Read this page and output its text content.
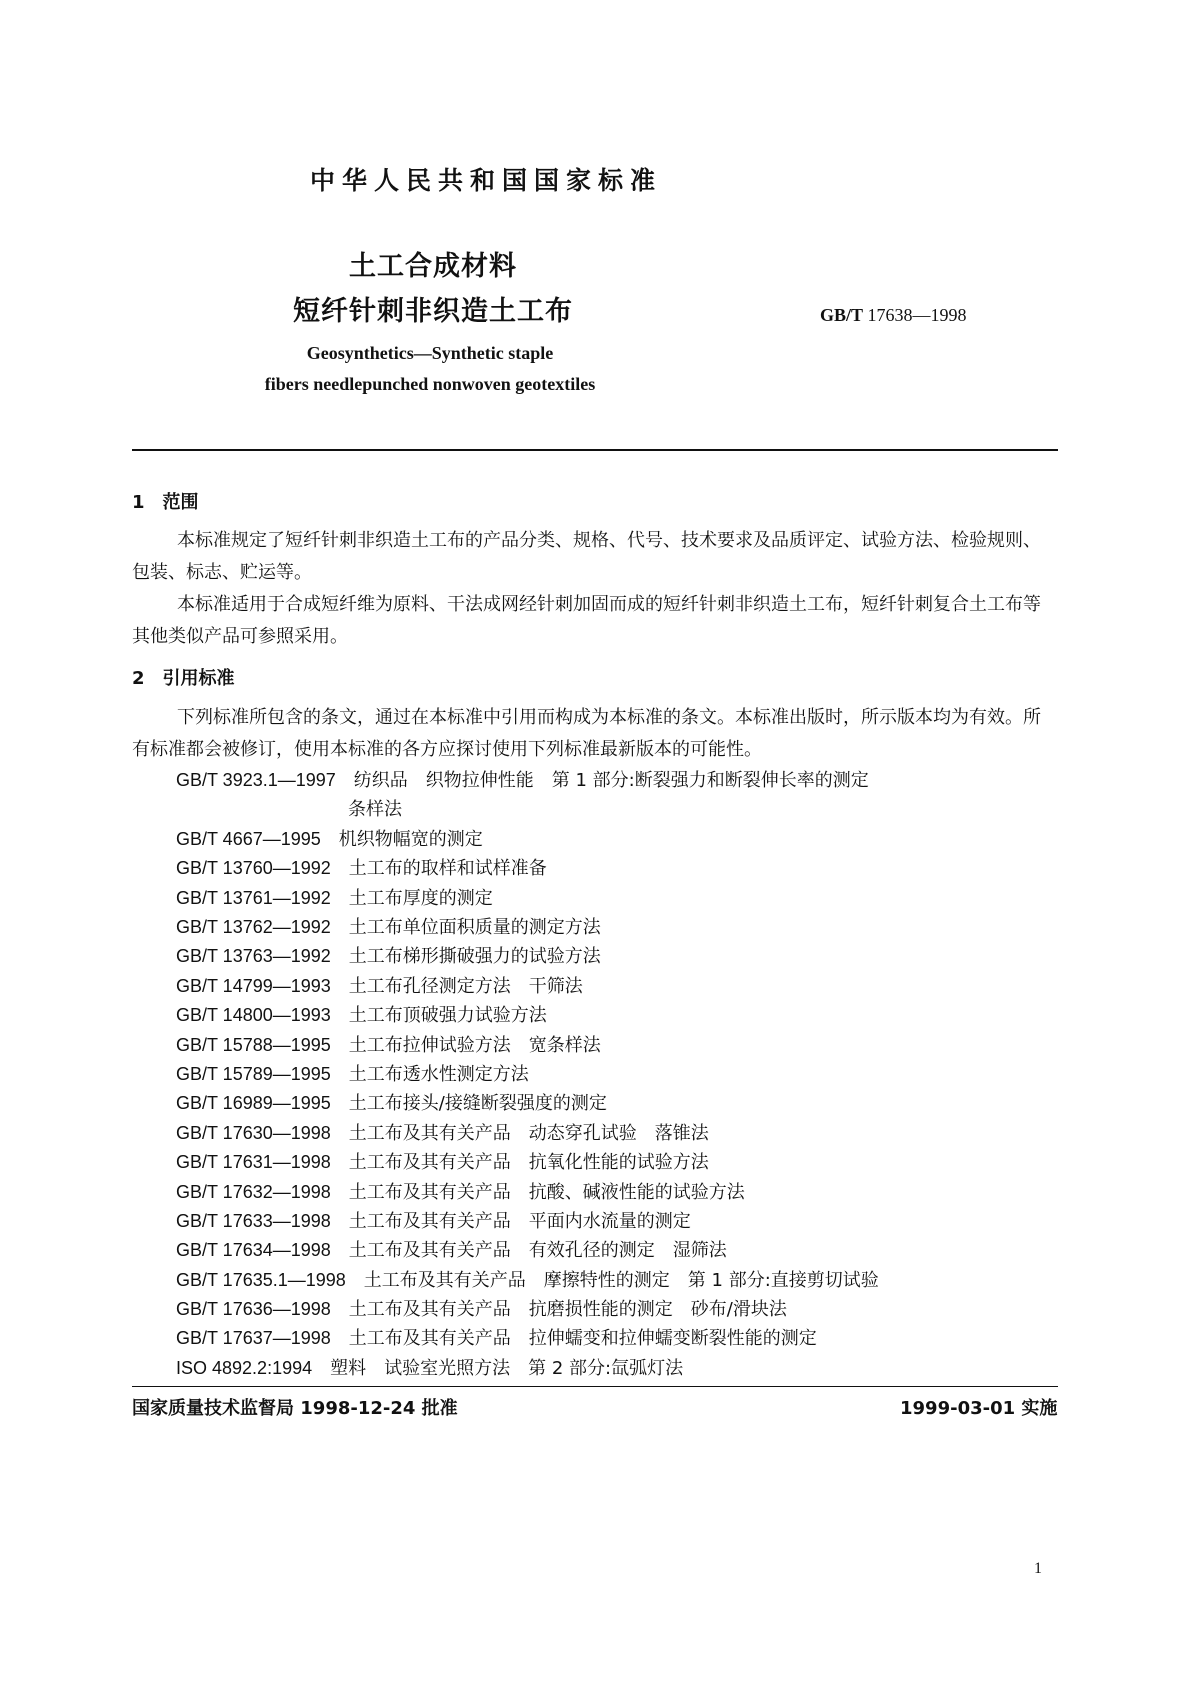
中华人民共和国国家标准
土工合成材料
短纤针刺非织造土工布	GB/T 17638—1998
Geosynthetics—Synthetic staple
fibers needlepunched nonwoven geotextiles
1　范围
本标准规定了短纤针刺非织造土工布的产品分类、规格、代号、技术要求及品质评定、试验方法、检验规则、包装、标志、贮运等。
本标准适用于合成短纤维为原料、干法成网经针刺加固而成的短纤针刺非织造土工布，短纤针刺复合土工布等其他类似产品可参照采用。
2　引用标准
下列标准所包含的条文，通过在本标准中引用而构成为本标准的条文。本标准出版时，所示版本均为有效。所有标准都会被修订，使用本标准的各方应探讨使用下列标准最新版本的可能性。
GB/T 3923.1—1997　 纺织品　织物拉伸性能　第 1 部分:断裂强力和断裂伸长率的测定
条样法
GB/T 4667—1995　 机织物幅宽的测定
GB/T 13760—1992　 土工布的取样和试样准备
GB/T 13761—1992　 土工布厚度的测定
GB/T 13762—1992　 土工布单位面积质量的测定方法
GB/T 13763—1992　 土工布梯形撕破强力的试验方法
GB/T 14799—1993　 土工布孔径测定方法　干筛法
GB/T 14800—1993　 土工布顶破强力试验方法
GB/T 15788—1995　 土工布拉伸试验方法　宽条样法
GB/T 15789—1995　 土工布透水性测定方法
GB/T 16989—1995　 土工布接头/接缝断裂强度的测定
GB/T 17630—1998　 土工布及其有关产品　动态穿孔试验　落锥法
GB/T 17631—1998　 土工布及其有关产品　抗氧化性能的试验方法
GB/T 17632—1998　 土工布及其有关产品　抗酸、碱液性能的试验方法
GB/T 17633—1998　 土工布及其有关产品　平面内水流量的测定
GB/T 17634—1998　 土工布及其有关产品　有效孔径的测定　湿筛法
GB/T 17635.1—1998　 土工布及其有关产品　摩擦特性的测定　第 1 部分:直接剪切试验
GB/T 17636—1998　 土工布及其有关产品　抗磨损性能的测定　砂布/滑块法
GB/T 17637—1998　 土工布及其有关产品　拉伸蠕变和拉伸蠕变断裂性能的测定
ISO 4892.2:1994　 塑料　试验室光照方法　第 2 部分:氙弧灯法
国家质量技术监督局 1998-12-24 批准	1999-03-01 实施
1
